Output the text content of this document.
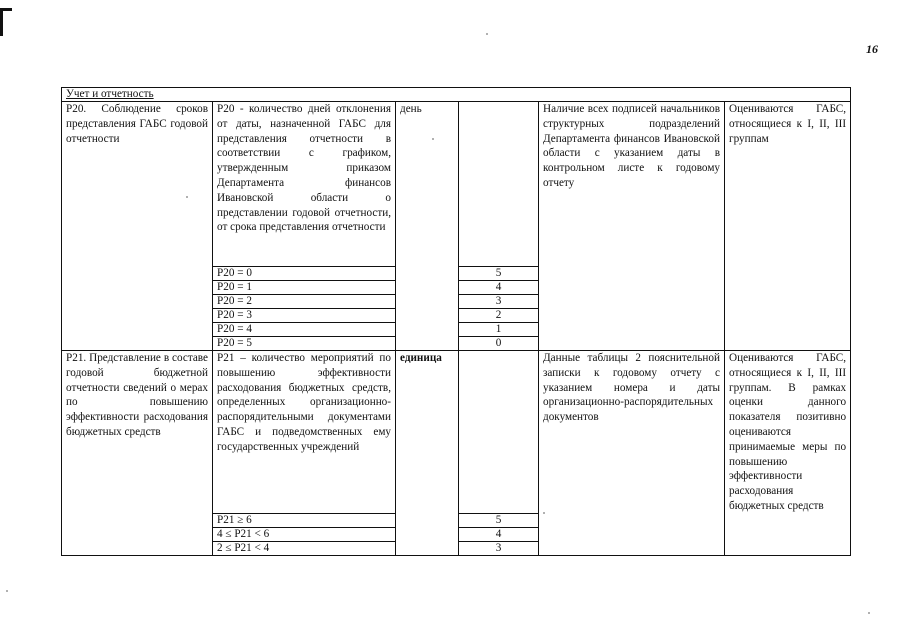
16
Учет и отчетность					
Р20. Соблюдение сроков представления ГАБС годовой отчетности	Р20 - количество дней отклонения от даты, назначенной ГАБС для представления отчетности в соответствии с графиком, утвержденным приказом Департамента финансов Ивановской области о представлении годовой отчетности, от срока представления отчетности	день		Наличие всех подписей начальников структурных подразделений Департамента финансов Ивановской области с указанием даты в контрольном листе к годовому отчету	Оцениваются ГАБС, относящиеся к I, II, III группам
	Р20 = 0		5		
	Р20 = 1		4		
	Р20 = 2		3		
	Р20 = 3		2		
	Р20 = 4		1		
	Р20 = 5		0		
Р21. Представление в составе годовой бюджетной отчетности сведений о мерах по повышению эффективности расходования бюджетных средств	Р21 – количество мероприятий по повышению эффективности расходования бюджетных средств, определенных организационно-распорядительными документами ГАБС и подведомственных ему государственных учреждений	единица		Данные таблицы 2 пояснительной записки к годовому отчету с указанием номера и даты организационно-распорядительных документов	Оцениваются ГАБС, относящиеся к I, II, III группам. В рамках оценки данного показателя позитивно оцениваются принимаемые меры по повышению эффективности расходования бюджетных средств
	Р21 ≥ 6		5		
	4 ≤ Р21 < 6		4		
	2 ≤ Р21 < 4		3		
